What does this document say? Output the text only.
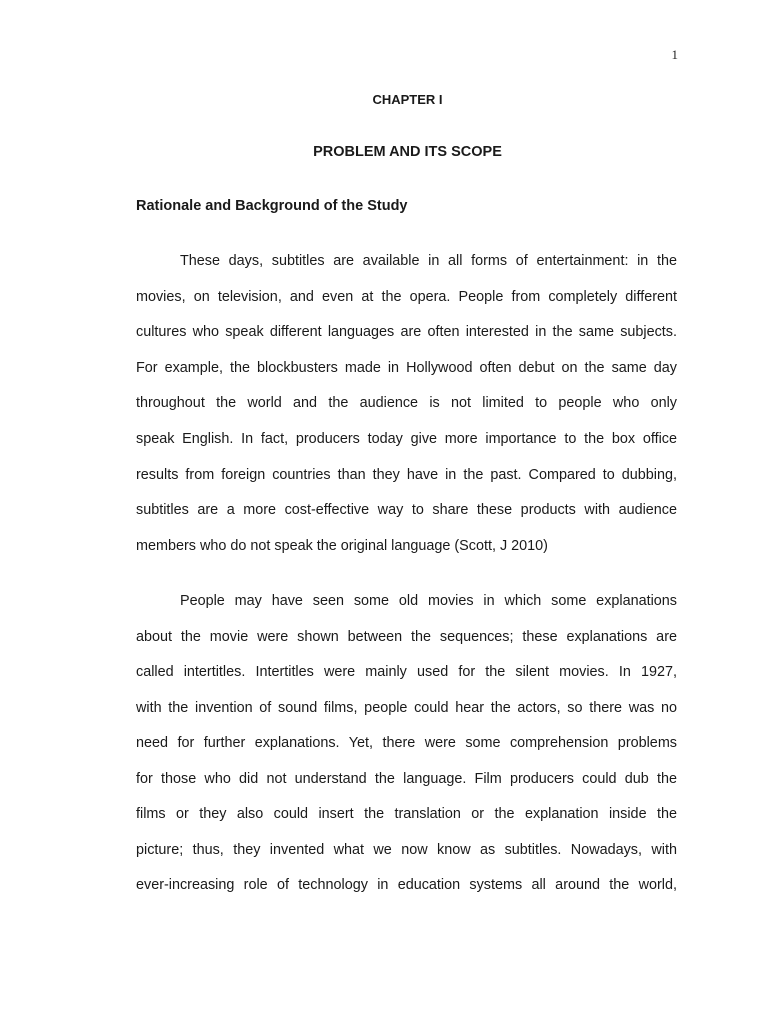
1
CHAPTER I
PROBLEM AND ITS SCOPE
Rationale and Background of the Study
These days, subtitles are available in all forms of entertainment: in the
movies, on television, and even at the opera. People from completely different
cultures who speak different languages are often interested in the same subjects.
For example, the blockbusters made in Hollywood often debut on the same day
throughout the world and the audience is not limited to people who only
speak English. In fact, producers today give more importance to the box office
results from foreign countries than they have in the past. Compared to dubbing,
subtitles are a more cost-effective way to share these products with audience
members who do not speak the original language (Scott, J 2010)
People may have seen some old movies in which some explanations
about the movie were shown between the sequences; these explanations are
called intertitles. Intertitles were mainly used for the silent movies. In 1927,
with the invention of sound films, people could hear the actors, so there was no
need for further explanations. Yet, there were some comprehension problems
for those who did not understand the language. Film producers could dub the
films or they also could insert the translation or the explanation inside the
picture; thus, they invented what we now know as subtitles. Nowadays, with
ever-increasing role of technology in education systems all around the world,
